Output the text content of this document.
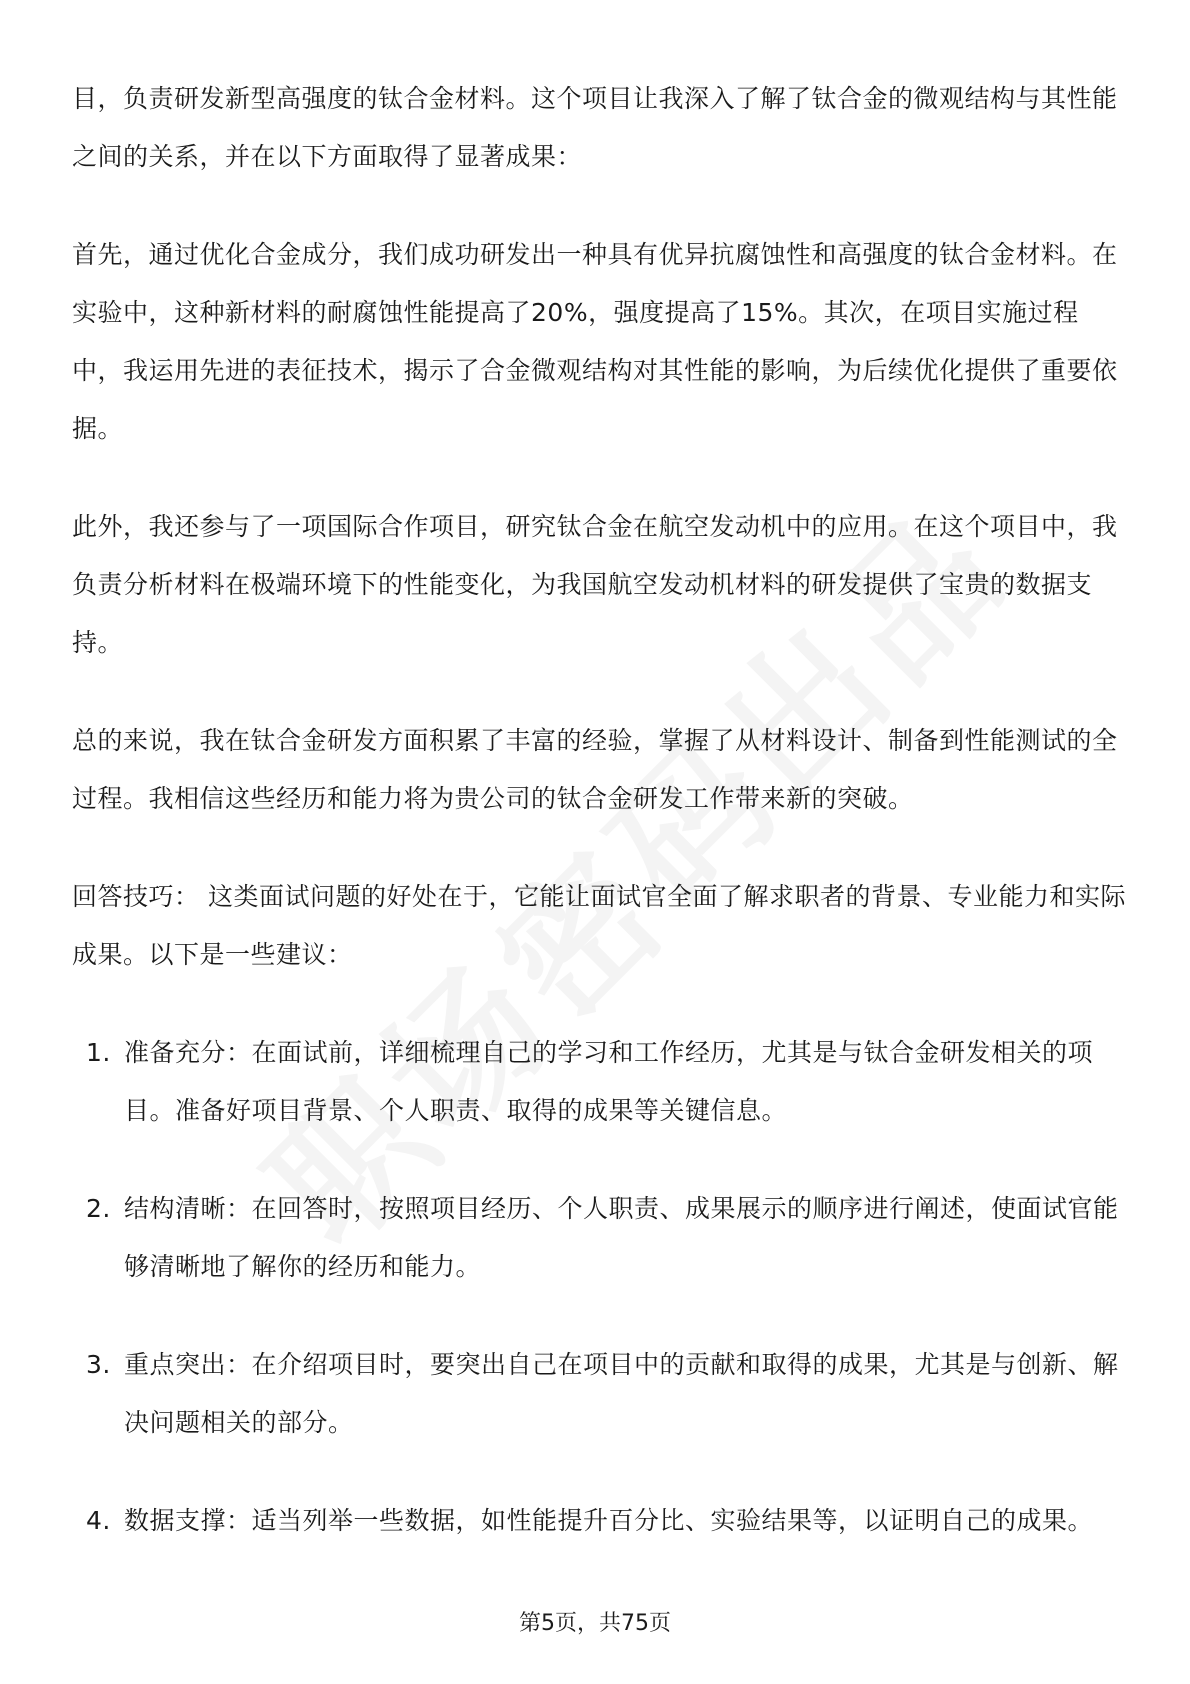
目，负责研发新型高强度的钛合金材料。这个项目让我深入了解了钛合金的微观结构与其性能之间的关系，并在以下方面取得了显著成果：

首先，通过优化合金成分，我们成功研发出一种具有优异抗腐蚀性和高强度的钛合金材料。在实验中，这种新材料的耐腐蚀性能提高了20%，强度提高了15%。其次，在项目实施过程中，我运用先进的表征技术，揭示了合金微观结构对其性能的影响，为后续优化提供了重要依据。

此外，我还参与了一项国际合作项目，研究钛合金在航空发动机中的应用。在这个项目中，我负责分析材料在极端环境下的性能变化，为我国航空发动机材料的研发提供了宝贵的数据支持。

总的来说，我在钛合金研发方面积累了丰富的经验，掌握了从材料设计、制备到性能测试的全过程。我相信这些经历和能力将为贵公司的钛合金研发工作带来新的突破。

回答技巧： 这类面试问题的好处在于，它能让面试官全面了解求职者的背景、专业能力和实际成果。以下是一些建议：

1. 准备充分：在面试前，详细梳理自己的学习和工作经历，尤其是与钛合金研发相关的项目。准备好项目背景、个人职责、取得的成果等关键信息。
2. 结构清晰：在回答时，按照项目经历、个人职责、成果展示的顺序进行阐述，使面试官能够清晰地了解你的经历和能力。
3. 重点突出：在介绍项目时，要突出自己在项目中的贡献和取得的成果，尤其是与创新、解决问题相关的部分。
4. 数据支撑：适当列举一些数据，如性能提升百分比、实验结果等，以证明自己的成果。
第5页，共75页
